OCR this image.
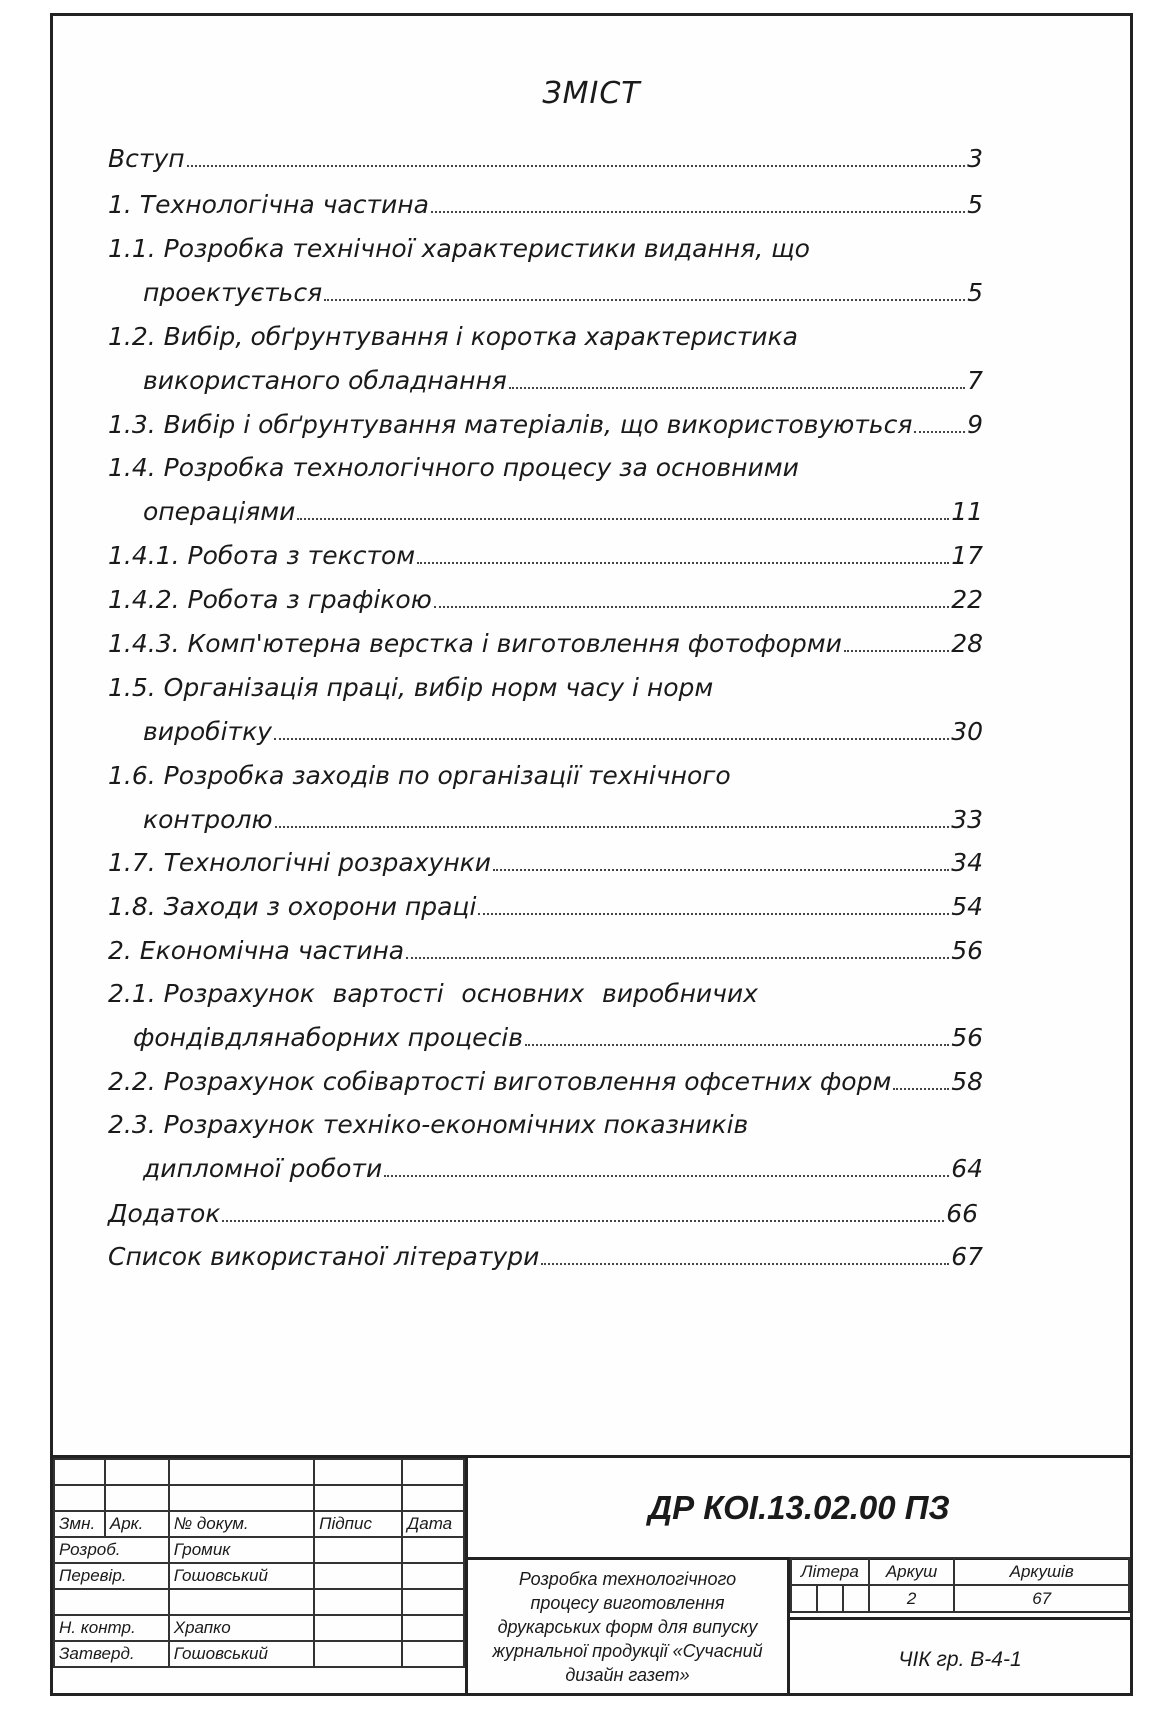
ЗМІСТ
Вступ	3
1. Технологічна частина	5
1.1. Розробка технічної характеристики видання, що
проектується	5
1.2. Вибір, обґрунтування і коротка характеристика
використаного обладнання	7
1.3. Вибір і обґрунтування матеріалів, що використовуються 9
1.4. Розробка технологічного процесу за основними
операціями	11
1.4.1. Робота з текстом	17
1.4.2. Робота з графікою	22
1.4.3. Комп'ютерна верстка і виготовлення фотоформи	28
1.5. Організація праці, вибір норм часу і норм
виробітку	30
1.6. Розробка заходів по організації технічного
контролю	33
1.7. Технологічні розрахунки	34
1.8. Заходи з охорони праці	54
2. Економічна частина	56
2.1. Розрахунок вартості основних виробничих
фондів для наборних процесів	56
2.2. Розрахунок собівартості виготовлення офсетних форм 58
2.3. Розрахунок техніко-економічних показників
дипломної роботи	64
Додаток	66
Список використаної літератури	67

Змн.	Арк.	№ докум.	Підпис	Дата
Розроб.		Громик		
Перевір.		Гошовський		

Н. контр.		Храпко		
Затверд.		Гошовський		
ДР КОІ.13.02.00 ПЗ
Розробка технологічного
процесу виготовлення
друкарських форм для випуску
журнальної продукції «Сучасний
дизайн газет»
Літера			Аркуш	Аркушів
			2	67
ЧІК гр. В-4-1
